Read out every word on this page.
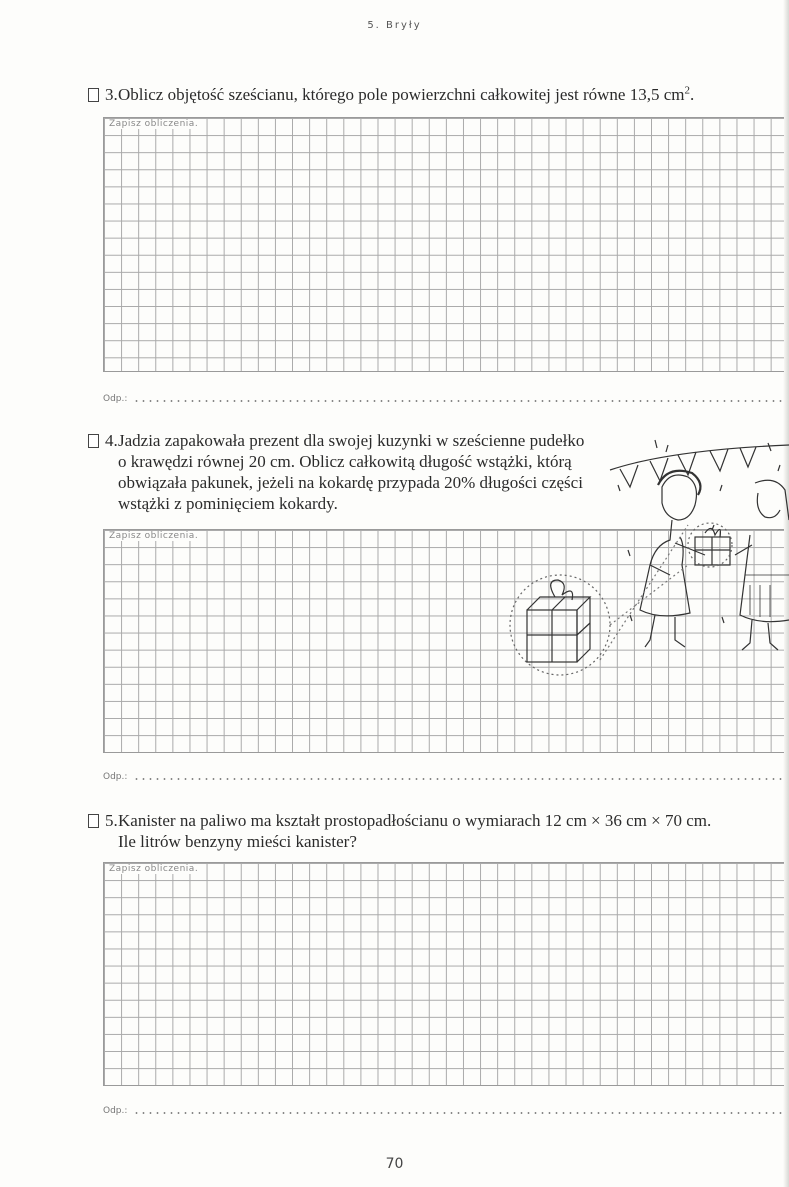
5. Bryły
3. Oblicz objętość sześcianu, którego pole powierzchni całkowitej jest równe 13,5 $cm^2$.
Zapisz obliczenia.
Odp.:
4. Jadzia zapakowała prezent dla swojej kuzynki w sześcienne pudełko
o krawędzi równej 20 cm. Oblicz całkowitą długość wstążki, którą
obwiązała pakunek, jeżeli na kokardę przypada 20% długości części
wstążki z pominięciem kokardy.
Zapisz obliczenia.
Odp.:
5. Kanister na paliwo ma kształt prostopadłościanu o wymiarach 12 cm × 36 cm × 70 cm.
Ile litrów benzyny mieści kanister?
Zapisz obliczenia.
Odp.:
70
